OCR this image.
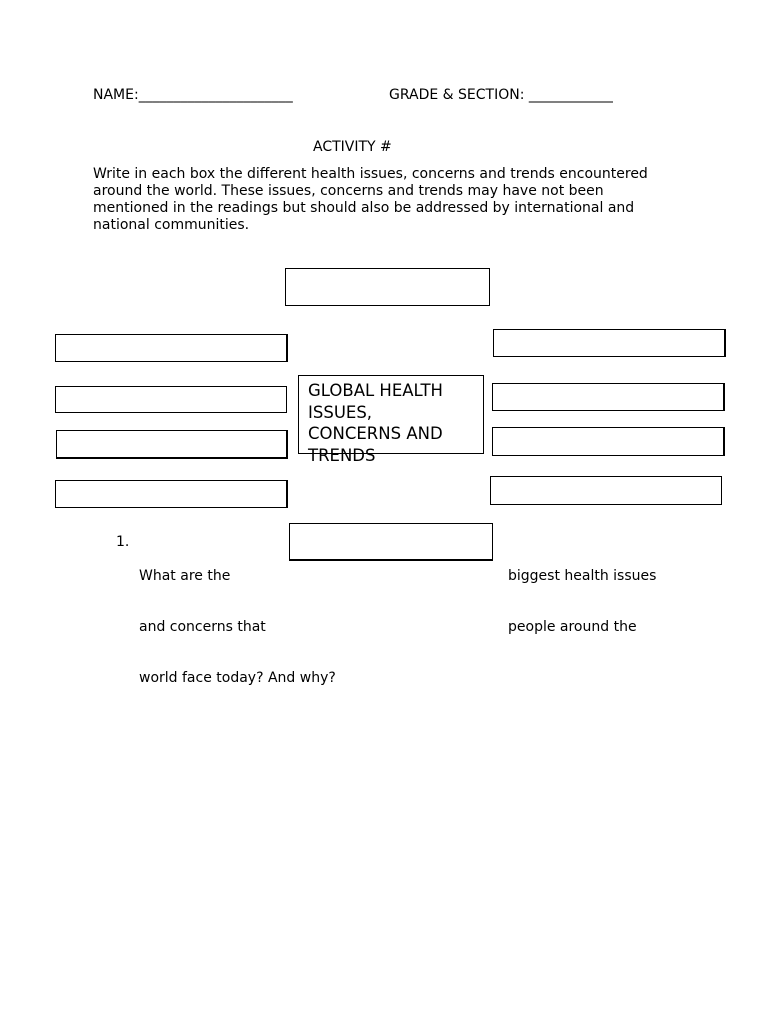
NAME:______________________	GRADE & SECTION: ____________
ACTIVITY #
Write in each box the different health issues, concerns and trends encountered
around the world. These issues, concerns and trends may have not been
mentioned in the readings but should also be addressed by international and
national communities.
GLOBAL HEALTH
ISSUES,
CONCERNS AND
TRENDS
1.

What are the

and concerns that

world face today? And why?

biggest health issues

people around the
